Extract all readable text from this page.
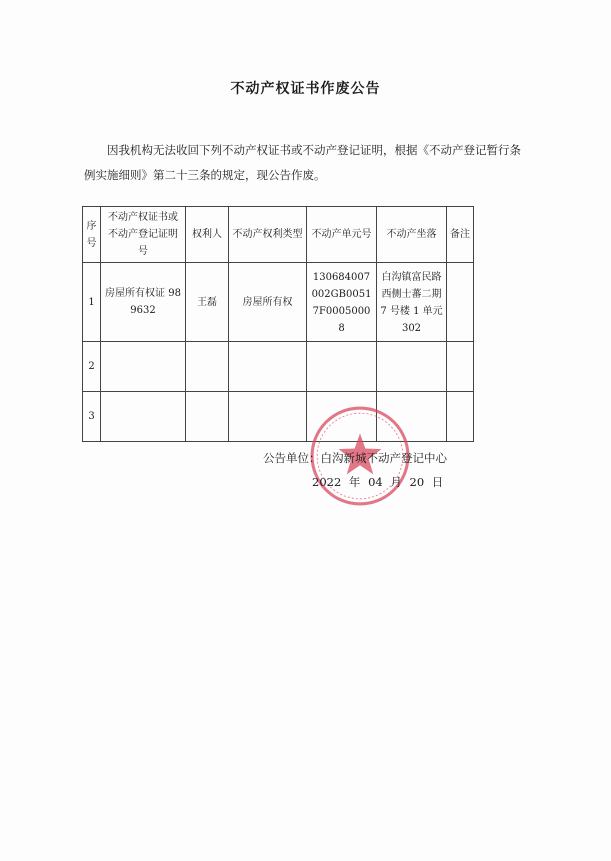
不动产权证书作废公告
因我机构无法收回下列不动产权证书或不动产登记证明，根据《不动产登记暂行条例实施细则》第二十三条的规定，现公告作废。
序号	不动产权证书或不动产登记证明号	权利人	不动产权利类型	不动产单元号	不动产坐落	备注
1	房屋所有权证 989632	王磊	房屋所有权	130684007002GB00517F00050008	白沟镇富民路西侧士蕃二期 7 号楼 1 单元 302	
2						
3						
公告单位：白沟新城不动产登记中心
2022 年 04 月 20 日
